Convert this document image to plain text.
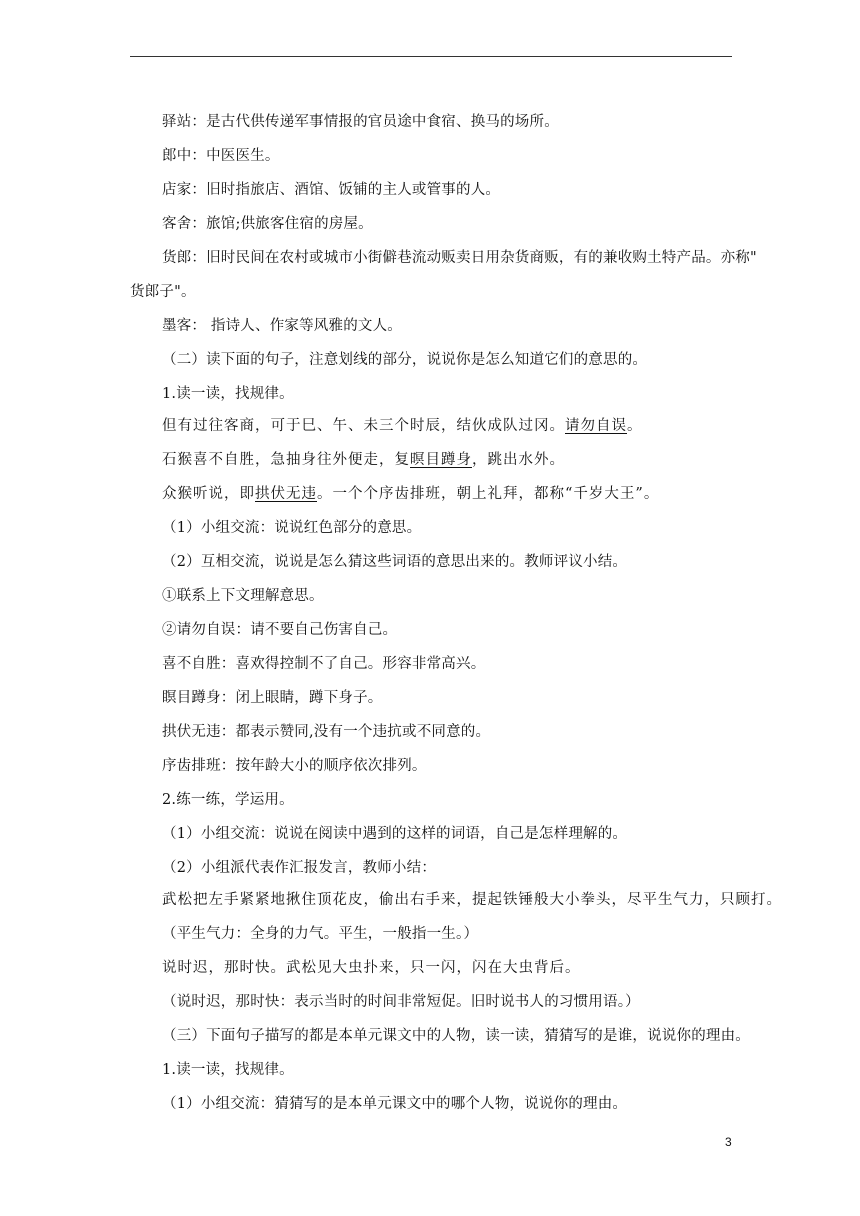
驿站：是古代供传递军事情报的官员途中食宿、换马的场所。
郎中：中医医生。
店家：旧时指旅店、酒馆、饭铺的主人或管事的人。
客舍：旅馆;供旅客住宿的房屋。
货郎：旧时民间在农村或城市小街僻巷流动贩卖日用杂货商贩，有的兼收购土特产品。亦称"
货郎子"。
墨客： 指诗人、作家等风雅的文人。
（二）读下面的句子，注意划线的部分，说说你是怎么知道它们的意思的。
1.读一读，找规律。
但有过往客商，可于巳、午、未三个时辰，结伙成队过冈。请勿自误。
石猴喜不自胜，急抽身往外便走，复暝目蹲身，跳出水外。
众猴听说，即拱伏无违。一个个序齿排班，朝上礼拜，都称“千岁大王”。
（1）小组交流：说说红色部分的意思。
（2）互相交流，说说是怎么猜这些词语的意思出来的。教师评议小结。
①联系上下文理解意思。
②请勿自误：请不要自己伤害自己。
喜不自胜：喜欢得控制不了自己。形容非常高兴。
瞑目蹲身：闭上眼睛，蹲下身子。
拱伏无违：都表示赞同,没有一个违抗或不同意的。
序齿排班：按年龄大小的顺序依次排列。
2.练一练，学运用。
（1）小组交流：说说在阅读中遇到的这样的词语，自己是怎样理解的。
（2）小组派代表作汇报发言，教师小结：
武松把左手紧紧地揪住顶花皮，偷出右手来，提起铁锤般大小拳头，尽平生气力，只顾打。
（平生气力：全身的力气。平生，一般指一生。）
说时迟，那时快。武松见大虫扑来，只一闪，闪在大虫背后。
（说时迟，那时快：表示当时的时间非常短促。旧时说书人的习惯用语。）
（三）下面句子描写的都是本单元课文中的人物，读一读，猜猜写的是谁，说说你的理由。
1.读一读，找规律。
（1）小组交流：猜猜写的是本单元课文中的哪个人物，说说你的理由。
3
